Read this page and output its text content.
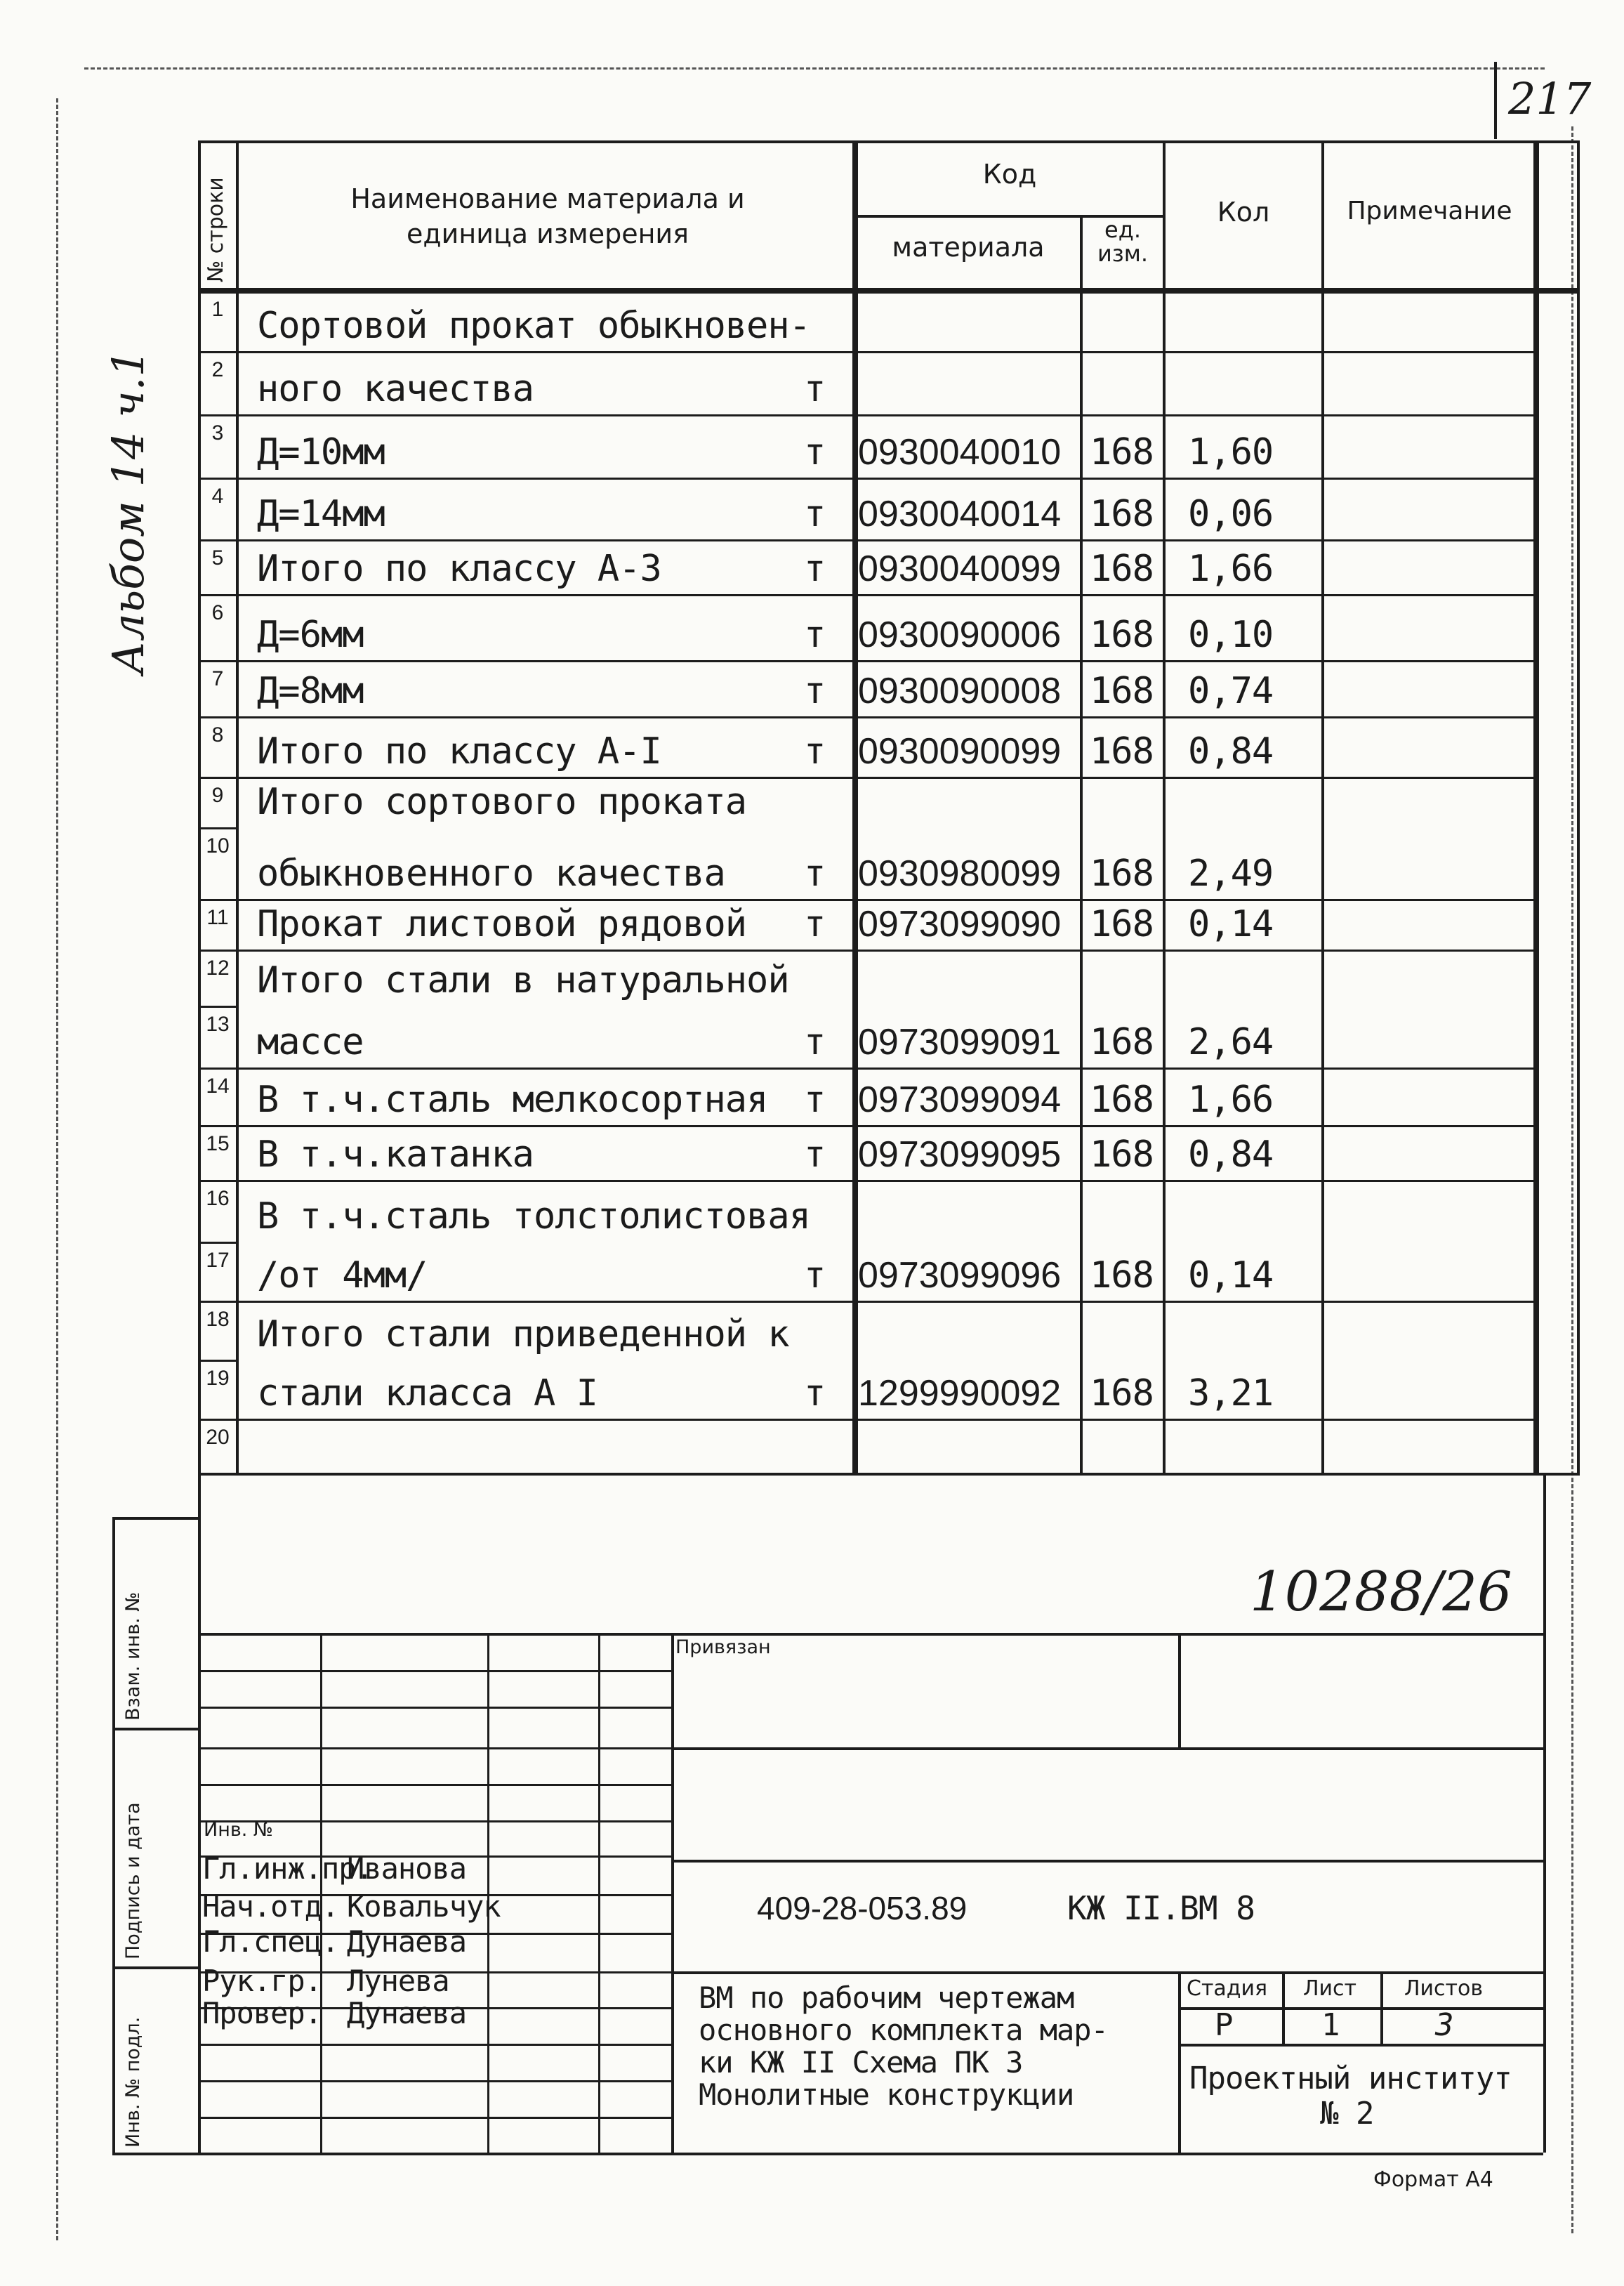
217
Альбом 14 ч.1
№ строки	Наименование материала и единица измерения
Код
материала
ед. изм.
Кол	Примечание
1 Сортовой прокат обыкновен-
2 ного качества	т
3 Д=10мм	т 0930040010 168 1,60
4 Д=14мм	т 0930040014 168 0,06
5 Итого по классу А-3	т 0930040099 168 1,66
6
Д=6мм	т 0930090006 168 0,10
7 Д=8мм	т 0930090008 168 0,74
8 Итого по классу А-I	т 0930090099 168 0,84
9 Итого сортового проката
10
обыкновенного качества т 0930980099 168 2,49
11 Прокат листовой рядовой т 0973099090 168 0,14
12 Итого стали в натуральной
13 массе	т 0973099091 168 2,64
14 В т.ч.сталь мелкосортная т 0973099094 168 1,66
15 В т.ч.катанка	т 0973099095 168 0,84
16 В т.ч.сталь толстолистовая
17 /от 4мм/	т 0973099096 168 0,14
18 Итого стали приведенной к
19 стали класса А I	т 1299990092 168 3,21
20
Взам. инв. №
Подпись и дата
Инв. № подл.
10288/26
Привязан
Инв. №
Гл.инж.пр.
Иванова
Нач.отд. Ковальчук
Гл.спец. Дунаева
Рук.гр. Лунева
Провер. Дунаева
409-28-053.89	КЖ II.ВМ 8
ВМ по рабочим чертежам
основного комплекта мар-
ки КЖ II Схема ПК 3
Монолитные конструкции
Стадия Лист Листов
Р	1	3
Проектный институт
№ 2
Формат А4
